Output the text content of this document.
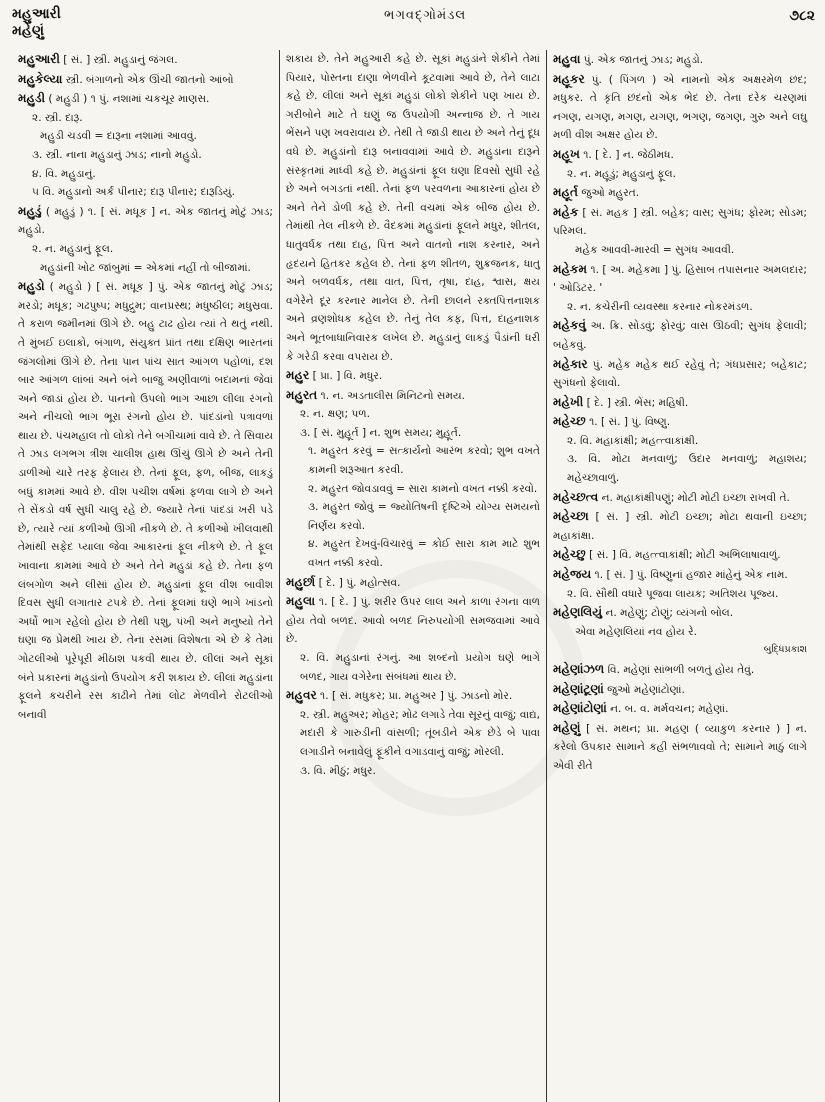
મહુઆરી
મહેણું
ભગવદ્ગોમંડલ	૭૮૨

મહુઆરી [ સં. ] સ્ત્રી. મહુડાનું જંગલ.

મહુકેલ્યા સ્ત્રી. બંગાળનો એક ઊંચી જાતનો આંબો

મહુડી ( મહુડી ) ૧ પું. નશામાં ચકચૂર માણસ.

૨. સ્ત્રી. દારૂ.

મહુડી ચડવી = દારૂના નશામાં આવવું.

૩. સ્ત્રી. નાના મહુડાનું ઝાડ; નાનો મહુડો.

૪. વિ. મહુડાનું.

૫ વિ. મહુડાનો અર્ક પીનાર; દારૂ પીનાર; દારૂડિયું.

મહુડું ( મહુડું ) ૧. [ સં. મધૂક ] ન. એક જાતનું મોટું ઝાડ; મહુડો.

૨. ન. મહુડાનું ફૂલ.

મહુડાંની ખોટ જાંબુમાં = એકમાં નહીં તો બીજામાં.

મહુડો ( મહુડો ) [ સં. મધૂક ] પું. એક જાતનું મોટું ઝાડ; મરડો; મધૂક; ગઢપુષ્પ; મધુદ્રુમ; વાનપ્રસ્થ; મધુષ્ઠીલ; મધુસ્રવા. તે કરાળ જમીનમાં ઊગે છે. બહુ ટાઢ હોય ત્યાં તે થતું નથી. તે મુંબઈ ઇલાકો, બંગાળ, સંયુક્ત પ્રાંત તથા દક્ષિણ ભારતનાં જંગલોમાં ઊગે છે. તેના પાન પાંચ સાત આંગળ પહોળાં, દશ બાર આંગળ લાંબાં અને બંને બાજુ અણીવાળાં બદામનાં જેવાં અને જાડાં હોય છે. પાનનો ઉપલો ભાગ આછા લીલા રંગનો અને નીચલો ભાગ ભૂરા રંગનો હોય છે. પાંદડાંનો પત્રાવળાં થાય છે. પંચમહાલ તો લોકો તેને બગીચામાં વાવે છે. તે સિવાય તે ઝાડ લગભગ ત્રીશ ચાલીશ હાથ ઊંચું ઊગે છે અને તેની ડાળીઓ ચારે તરફ ફેલાય છે. તેનાં ફૂલ, ફળ, બીજ, લાકડું બધું કામમાં આવે છે. વીશ પચીશ વર્ષમાં ફળવા લાગે છે અને તે સેંકડો વર્ષ સુધી ચાલુ રહે છે. જ્યારે તેનાં પાંદડાં ખરી પડે છે, ત્યારે ત્યાં કળીઓ ઊગી નીકળે છે. તે કળીઓ ખીલવાથી તેમાંથી સફેદ પ્યાલા જેવા આકારનાં ફૂલ નીકળે છે. તે ફૂલ ખાવાના કામમાં આવે છે અને તેને મહુડાં કહે છે. તેના ફળ લંબગોળ અને લીસાં હોય છે. મહુડાંનાં ફૂલ વીશ બાવીશ દિવસ સુધી લગાતાર ટપકે છે. તેનાં ફૂલમાં ઘણે ભાગે ખાંડનો અર્ધો ભાગ રહેલો હોય છે તેથી પશુ, પંખી અને મનુષ્યો તેને ઘણા જ પ્રેમથી ખાય છે. તેના રસમાં વિશેષતા એ છે કે તેમાં ગોટલીઓ પૂરેપૂરી મીઠાશ પકવી થાય છે. લીલાં અને સૂકાં બંને પ્રકારનાં મહુડાંનો ઉપયોગ કરી શકાય છે. લીલાં મહુડાંના ફૂલને કચરીને રસ કાઢીને તેમાં લોટ મેળવીને રોટલીઓ બનાવી

શકાય છે. તેને મહુઆરી કહે છે. સૂકાં મહુડાંને શેકીને તેમાં પિયાર, પોસ્તના દાણા ભેળવીને કૂટવામાં આવે છે, તેને લાટા કહે છે. લીલાં અને સૂકાં મહુડાં લોકો શેકીને પણ ખાય છે. ગરીબોને માટે તે ઘણું જ ઉપયોગી અન્નાજ છે. તે ગાય ભેંસને પણ ખવરાવાય છે. તેથી તે જાડી થાય છે અને તેનું દૂધ વધે છે. મહુડાંનો દારૂ બનાવવામાં આવે છે. મહુડાંના દારૂને સંસ્કૃતમાં માધ્વી કહે છે. મહુડાંનાં ફૂલ ઘણા દિવસો સુધી રહે છે અને બગડતાં નથી. તેનાં ફળ પરવળના આકારનાં હોય છે અને તેને ડોળી કહે છે. તેની વચમાં એક બીજ હોય છે. તેમાંથી તેલ નીકળે છે. વૈદકમાં મહુડાંનાં ફૂલને મધુર, શીતલ, ધાતુવર્ધક તથા દાહ, પિત્ત અને વાતનો નાશ કરનાર, અને હૃદયને હિતકર કહેલ છે. તેનાં ફળ શીતળ, શુક્રજનક, ધાતુ અને બળવર્ધક, તથા વાત, પિત્ત, તૃષા, દાહ, શ્વાસ, ક્ષય વગેરેને દૂર કરનાર માનેલ છે. તેની છાલને રક્તપિત્તનાશક અને વ્રણશોધક કહેલ છે. તેનું તેલ કફ, પિત્ત, દાહનાશક અને ભૂતબાધાનિવારક લખેલ છે. મહુડાનું લાકડું પૈડાંની ધરી કે ગરેડી કરવા વપરાય છે.

મહુર [ પ્રા. ] વિ. મધુર.

મહુરત ૧. ન. અડતાલીસ મિનિટનો સમય.

૨. ન. ક્ષણ; પળ.

૩. [ સં. મુહૂર્ત ] ન. શુભ સમય; મુહૂર્ત.

૧. મહુરત કરવું = સત્કાર્યનો આરંભ કરવો; શુભ વખતે કામની શરૂઆત કરવી.

૨. મહુરત જોવડાવવું = સારા કામનો વખત નક્કી કરવો.

૩. મહુરત જોવું = જ્યોતિષની દૃષ્ટિએ યોગ્ય સમયનો નિર્ણય કરવો.

૪. મહુરત દેખવું-વિચારવું = કોઈ સારા કામ માટે શુભ વખત નક્કી કરવો.

મહુર્છા [ દે. ] પું. મહોત્સવ.

મહુલા ૧. [ દે. ] પું. શરીર ઉપર લાલ અને કાળા રંગના વાળ હોય તેવો બળદ. આવો બળદ નિરુપયોગી સમજવામાં આવે છે.

૨. વિ. મહુડાનાં રંગનું. આ શબ્દનો પ્રયોગ ઘણે ભાગે બળદ, ગાય વગેરેના સંબંધમાં થાય છે.

મહુવર ૧. [ સં. મધુકર; પ્રા. મહુઅર ] પું. ઝાડનો મોર.

૨. સ્ત્રી. મહુઅર; મોહર; મોઢ લગાડે તેવા સૂરનું વાજું; વાદ્ય, મદારી કે ગારુડીની વાંસળી; તૂંબડીને એક છેડે બે પાવા લગાડીને બનાવેલું ફૂંકીને વગાડવાનું વાજું; મોરલી.

૩. વિ. મીઠું; મધુર.

મહુવા પું. એક જાતનું ઝાડ; મહુડો.

મહૂકર પું. ( પિંગળ ) એ નામનો એક અક્ષરમેળ છંદ; મધુકર. તે કૃતિ છંદનો એક ભેદ છે. તેના દરેક ચરણમાં નગણ, યગણ, મગણ, યગણ, ભગણ, જગણ, ગુરુ અને લઘુ મળી વીશ અક્ષર હોય છે.

મહૂખ ૧. [ દે. ] ન. જેઠીમધ.

૨. ન. મહૂડું; મહુડાનું ફૂલ.

મહૂર્ત જુઓ મહુરત.

મહેક [ સં. મહક ] સ્ત્રી. બહેક; વાસ; સુગંધ; ફોરમ; સોડમ; પરિમલ.

મહેક આવવી-મારવી = સુગંધ આવવી.

મહેકમ ૧. [ અ. મહેકમા ] પું. હિસાબ તપાસનાર અમલદાર; ' ઓડિટર. '

૨. ન. કચેરીની વ્યવસ્થા કરનાર નોકરમંડળ.

મહેકવું અ. ક્રિ. સોડવું; ફોરવું; વાસ ઊઠવી; સુગંધ ફેલાવી; બહેકવું.

મહેકાર પું. મહેક મહેક થઈ રહેવું તે; ગંધપ્રસાર; બહેકાટ; સુગંધનો ફેલાવો.

મહેખી [ દે. ] સ્ત્રી. ભેંસ; મહિષી.

મહેચ્છ ૧. [ સં. ] પું. વિષ્ણુ.

૨. વિ. મહાકાંક્ષી; મહત્ત્વાકાંક્ષી.

૩. વિ. મોટા મનવાળું; ઉદાર મનવાળું; મહાશય; મહેચ્છાવાળું.

મહેચ્છત્વ ન. મહાકાંક્ષીપણું; મોટી મોટી ઇચ્છા રાખવી તે.

મહેચ્છા [ સં. ] સ્ત્રી. મોટી ઇચ્છા; મોટા થવાની ઇચ્છા; મહાકાંક્ષા.

મહેચ્છુ [ સં. ] વિ. મહત્ત્વાકાંક્ષી; મોટી અભિલાષાવાળું.

મહેજય ૧. [ સં. ] પું. વિષ્ણુનાં હજાર માંહેનું એક નામ.

૨. વિ. સૌથી વધારે પૂજવા લાયક; અતિશય પૂજ્ય.

મહેણલિયું ન. મહેણું; ટોણું; વ્યંગનો બોલ.

એવા મહેણલિયાં નવ હોય રે.

બુદ્ધિપ્રકાશ

મહેણાંઝળ વિ. મહેણાં સાંભળી બળતું હોય તેવું.

મહેણાંટૂણાં જુઓ મહેણાંટોણાં.

મહેણાંટોણાં ન. બ. વ. મર્મવચન; મહેણાં.

મહેણું [ સં. મથન; પ્રા. મહણ ( વ્યાકુળ કરનાર ) ] ન. કરેલો ઉપકાર સામાને કહી સંભળાવવો તે; સામાને માઠું લાગે એવી રીતે
